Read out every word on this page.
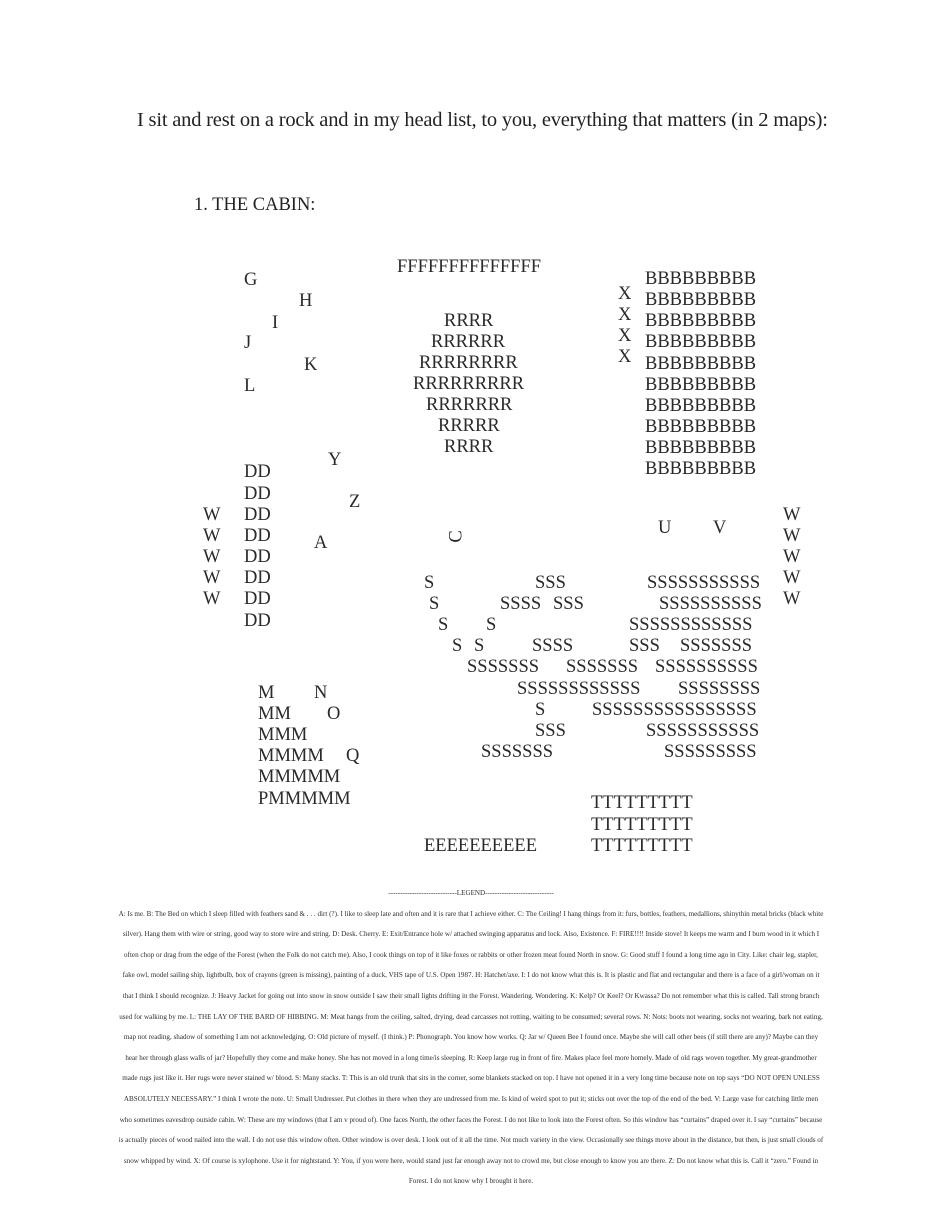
I sit and rest on a rock and in my head list, to you, everything that matters (in 2 maps):
1. THE CABIN:
FFFFFFFFFFFFFF
G
H
I
J
K
L
RRRR
RRRRRR
RRRRRRRR
RRRRRRRRR
RRRRRRR
RRRRR
RRRR
BBBBBBBBB
BBBBBBBBB
BBBBBBBBB
BBBBBBBBB
BBBBBBBBB
BBBBBBBBB
BBBBBBBBB
BBBBBBBBB
BBBBBBBBB
BBBBBBBBB
X
X
X
X
Y
Z
A
DD
DD
DD
DD
DD
DD
DD
DD
W
W
W
W
W
C	U V
W
W
W
W
W
S	SSS	SSSSSSSSSSS
S	SSSS SSS	SSSSSSSSSS
S S	SSSSSSSSSSSS
S S	SSSS	SSS SSSSSSS
SSSSSSS SSSSSSS SSSSSSSSSS
SSSSSSSSSSSS SSSSSSSS
S	SSSSSSSSSSSSSSSS
SSS	SSSSSSSSSSS
SSSSSSS	SSSSSSSSS
M N
MM O
MMM
MMMM Q
MMMMM
PMMMMM	TTTTTTTTT
TTTTTTTTT
TTTTTTTTT
EEEEEEEEEE
-----------------------------LEGEND-----------------------------
A: Is me. B: The Bed on which I sleep filled with feathers sand & . . . dirt (?). I like to sleep late and often and it is rare that I achieve either. C: The Ceiling! I hang things from it: furs, bottles, feathers, medallions, shinythin metal bricks (black white silver). Hang them with wire or string, good way to store wire and string. D: Desk. Cherry. E: Exit/Entrance hole w/ attached swinging apparatus and lock. Also, Existence. F: FIRE!!!! Inside stove! It keeps me warm and I burn wood in it which I often chop or drag from the edge of the Forest (when the Folk do not catch me). Also, I cook things on top of it like foxes or rabbits or other frozen meat found North in snow. G: Good stuff I found a long time ago in City. Like: chair leg, stapler, fake owl, model sailing ship, lightbulb, box of crayons (green is missing), painting of a duck, VHS tape of U.S. Open 1987. H: Hatchet/axe. I: I do not know what this is. It is plastic and flat and rectangular and there is a face of a girl/woman on it that I think I should recognize. J: Heavy Jacket for going out into snow in snow outside I saw their small lights drifting in the Forest. Wandering. Wondering. K: Kelp? Or Keel? Or Kwassa? Do not remember what this is called. Tall strong branch used for walking by me. L: THE LAY OF THE BARD OF HIBBING. M: Meat hangs from the ceiling, salted, drying, dead carcasses not rotting, waiting to be consumed; several rows. N: Nots: boots not wearing, socks not wearing, bark not eating, map not reading, shadow of something I am not acknowledging. O: Old picture of myself. (I think.) P: Phonograph. You know how works. Q: Jar w/ Queen Bee I found once. Maybe she will call other bees (if still there are any)? Maybe can they hear her through glass walls of jar? Hopefully they come and make honey. She has not moved in a long time/is sleeping. R: Keep large rug in front of fire. Makes place feel more homely. Made of old rags woven together. My great-grandmother made rugs just like it. Her rugs were never stained w/ blood. S: Many stacks. T: This is an old trunk that sits in the corner, some blankets stacked on top. I have not opened it in a very long time because note on top says “DO NOT OPEN UNLESS ABSOLUTELY NECESSARY.” I think I wrote the note. U: Small Undresser. Put clothes in there when they are undressed from me. Is kind of weird spot to put it; sticks out over the top of the end of the bed. V: Large vase for catching little men who sometimes eavesdrop outside cabin. W: These are my windows (that I am v proud of). One faces North, the other faces the Forest. I do not like to look into the Forest often. So this window has “curtains” draped over it. I say “curtains” because is actually pieces of wood nailed into the wall. I do not use this window often. Other window is over desk. I look out of it all the time. Not much variety in the view. Occasionally see things move about in the distance, but then, is just small clouds of snow whipped by wind. X: Of course is xylophone. Use it for nightstand. Y: You, if you were here, would stand just far enough away not to crowd me, but close enough to know you are there. Z: Do not know what this is. Call it “zero.” Found in Forest. I do not know why I brought it here.
